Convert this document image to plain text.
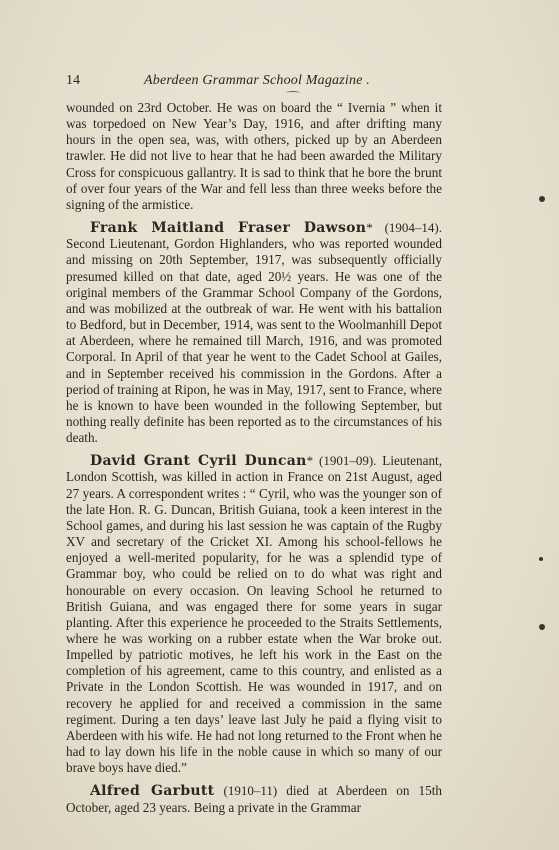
14	Aberdeen Grammar School Magazine .

wounded on 23rd October. He was on board the “ Ivernia ” when it was torpedoed on New Year’s Day, 1916, and after drifting many hours in the open sea, was, with others, picked up by an Aberdeen trawler. He did not live to hear that he had been awarded the Military Cross for conspicuous gallantry. It is sad to think that he bore the brunt of over four years of the War and fell less than three weeks before the signing of the armistice.

Frank Maitland Fraser Dawson* (1904–14). Second Lieutenant, Gordon Highlanders, who was reported wounded and missing on 20th September, 1917, was subsequently officially presumed killed on that date, aged 20½ years. He was one of the original members of the Grammar School Company of the Gordons, and was mobilized at the outbreak of war. He went with his battalion to Bedford, but in December, 1914, was sent to the Woolmanhill Depot at Aberdeen, where he remained till March, 1916, and was promoted Corporal. In April of that year he went to the Cadet School at Gailes, and in September received his commission in the Gordons. After a period of training at Ripon, he was in May, 1917, sent to France, where he is known to have been wounded in the following September, but nothing really definite has been reported as to the circumstances of his death.

David Grant Cyril Duncan* (1901–09). Lieutenant, London Scottish, was killed in action in France on 21st August, aged 27 years. A correspondent writes : “ Cyril, who was the younger son of the late Hon. R. G. Duncan, British Guiana, took a keen interest in the School games, and during his last session he was captain of the Rugby XV and secretary of the Cricket XI. Among his school-fellows he enjoyed a well-merited popularity, for he was a splendid type of Grammar boy, who could be relied on to do what was right and honourable on every occasion. On leaving School he returned to British Guiana, and was engaged there for some years in sugar planting. After this experience he proceeded to the Straits Settlements, where he was working on a rubber estate when the War broke out. Impelled by patriotic motives, he left his work in the East on the completion of his agreement, came to this country, and enlisted as a Private in the London Scottish. He was wounded in 1917, and on recovery he applied for and received a commission in the same regiment. During a ten days’ leave last July he paid a flying visit to Aberdeen with his wife. He had not long returned to the Front when he had to lay down his life in the noble cause in which so many of our brave boys have died.”

Alfred Garbutt (1910–11) died at Aberdeen on 15th October, aged 23 years. Being a private in the Grammar
